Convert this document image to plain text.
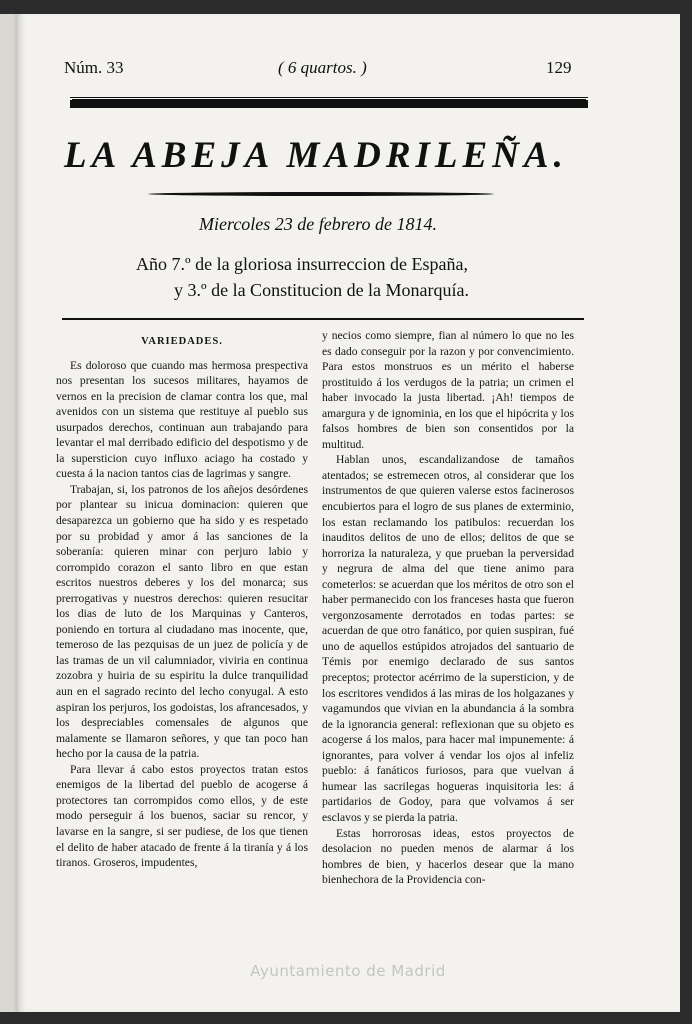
Núm. 33	( 6 quartos. )	129
LA ABEJA MADRILEÑA.
Miercoles 23 de febrero de 1814.
Año 7.º de la gloriosa insurreccion de España,
y 3.º de la Constitucion de la Monarquía.
VARIEDADES.

Es doloroso que cuando mas hermosa prespectiva nos presentan los sucesos militares, hayamos de vernos en la precision de clamar contra los que, mal avenidos con un sistema que restituye al pueblo sus usurpados derechos, continuan aun trabajando para levantar el mal derribado edificio del despotismo y de la supersticion cuyo influxo aciago ha costado y cuesta á la nacion tantos cias de lagrimas y sangre.

Trabajan, si, los patronos de los añejos desórdenes por plantear su inicua dominacion: quieren que desaparezca un gobierno que ha sido y es respetado por su probidad y amor á las sanciones de la soberanía: quieren minar con perjuro labio y corrompido corazon el santo libro en que estan escritos nuestros deberes y los del monarca; sus prerrogativas y nuestros derechos: quieren resucitar los dias de luto de los Marquinas y Canteros, poniendo en tortura al ciudadano mas inocente, que, temeroso de las pezquisas de un juez de policía y de las tramas de un vil calumniador, viviria en continua zozobra y huiria de su espiritu la dulce tranquilidad aun en el sagrado recinto del lecho conyugal. A esto aspiran los perjuros, los godoistas, los afrancesados, y los despreciables comensales de algunos que malamente se llamaron señores, y que tan poco han hecho por la causa de la patria.

Para llevar á cabo estos proyectos tratan estos enemigos de la libertad del pueblo de acogerse á protectores tan corrompidos como ellos, y de este modo perseguir á los buenos, saciar su rencor, y lavarse en la sangre, si ser pudiese, de los que tienen el delito de haber atacado de frente á la tiranía y á los tiranos. Groseros, impudentes,

y necios como siempre, fian al número lo que no les es dado conseguir por la razon y por convencimiento. Para estos monstruos es un mérito el haberse prostituido á los verdugos de la patria; un crimen el haber invocado la justa libertad. ¡Ah! tiempos de amargura y de ignominia, en los que el hipócrita y los falsos hombres de bien son consentidos por la multitud.

Hablan unos, escandalizandose de tamaños atentados; se estremecen otros, al considerar que los instrumentos de que quieren valerse estos facinerosos encubiertos para el logro de sus planes de exterminio, los estan reclamando los patibulos: recuerdan los inauditos delitos de uno de ellos; delitos de que se horroriza la naturaleza, y que prueban la perversidad y negrura de alma del que tiene animo para cometerlos: se acuerdan que los méritos de otro son el haber permanecido con los franceses hasta que fueron vergonzosamente derrotados en todas partes: se acuerdan de que otro fanático, por quien suspiran, fué uno de aquellos estúpidos atrojados del santuario de Témis por enemigo declarado de sus santos preceptos; protector acérrimo de la supersticion, y de los escritores vendidos á las miras de los holgazanes y vagamundos que vivian en la abundancia á la sombra de la ignorancia general: reflexionan que su objeto es acogerse á los malos, para hacer mal impunemente: á ignorantes, para volver á vendar los ojos al infeliz pueblo: á fanáticos furiosos, para que vuelvan á humear las sacrilegas hogueras inquisitoria les: á partidarios de Godoy, para que volvamos á ser esclavos y se pierda la patria.

Estas horrorosas ideas, estos proyectos de desolacion no pueden menos de alarmar á los hombres de bien, y hacerlos desear que la mano bienhechora de la Providencia con-

Ayuntamiento de Madrid
